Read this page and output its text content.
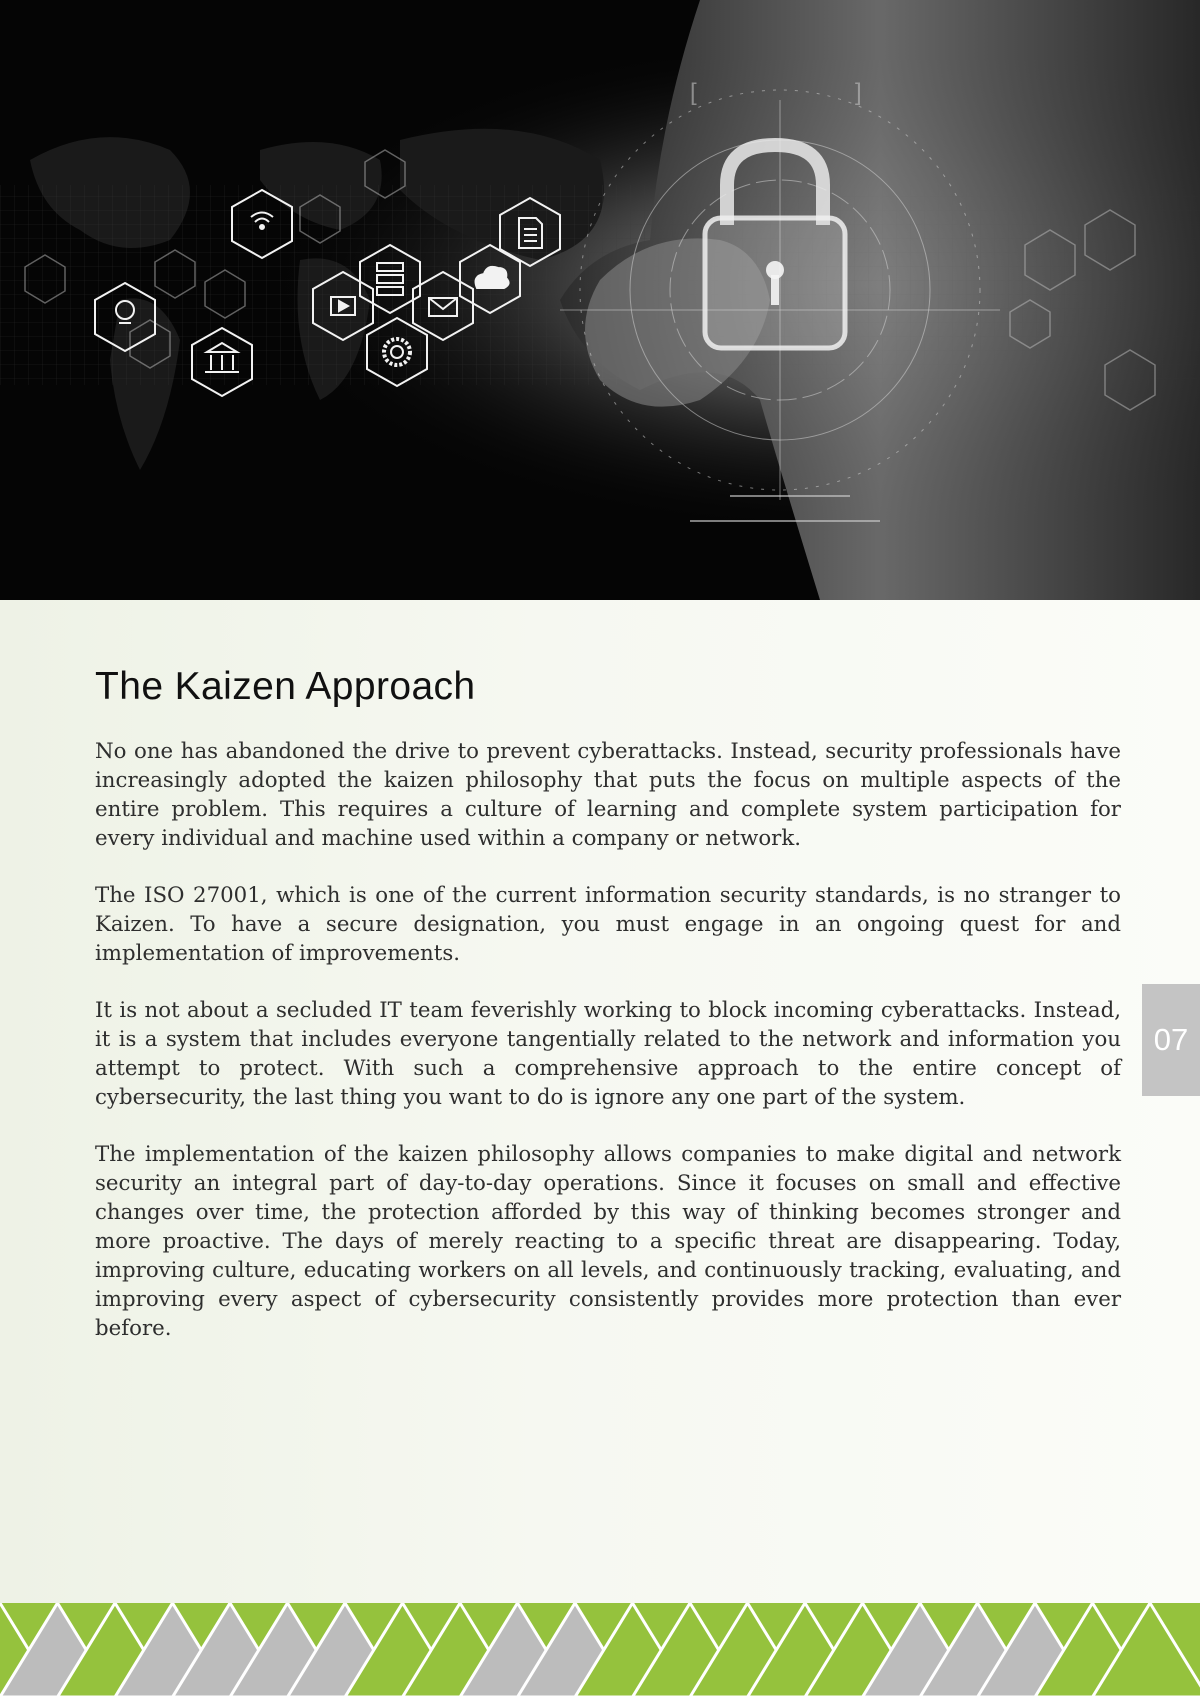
[	]
The Kaizen Approach

No one has abandoned the drive to prevent cyberattacks. Instead, security professionals have increasingly adopted the kaizen philosophy that puts the focus on multiple aspects of the entire problem. This requires a culture of learning and complete system participation for every individual and machine used within a company or network.

The ISO 27001, which is one of the current information security standards, is no stranger to Kaizen. To have a secure designation, you must engage in an ongoing quest for and implementation of improvements.

It is not about a secluded IT team feverishly working to block incoming cyberattacks. Instead, it is a system that includes everyone tangentially related to the network and information you attempt to protect. With such a comprehensive approach to the entire concept of cybersecurity, the last thing you want to do is ignore any one part of the system.

The implementation of the kaizen philosophy allows companies to make digital and network security an integral part of day-to-day operations. Since it focuses on small and effective changes over time, the protection afforded by this way of thinking becomes stronger and more proactive. The days of merely reacting to a specific threat are disappearing. Today, improving culture, educating workers on all levels, and continuously tracking, evaluating, and improving every aspect of cybersecurity consistently provides more protection than ever before.

07
